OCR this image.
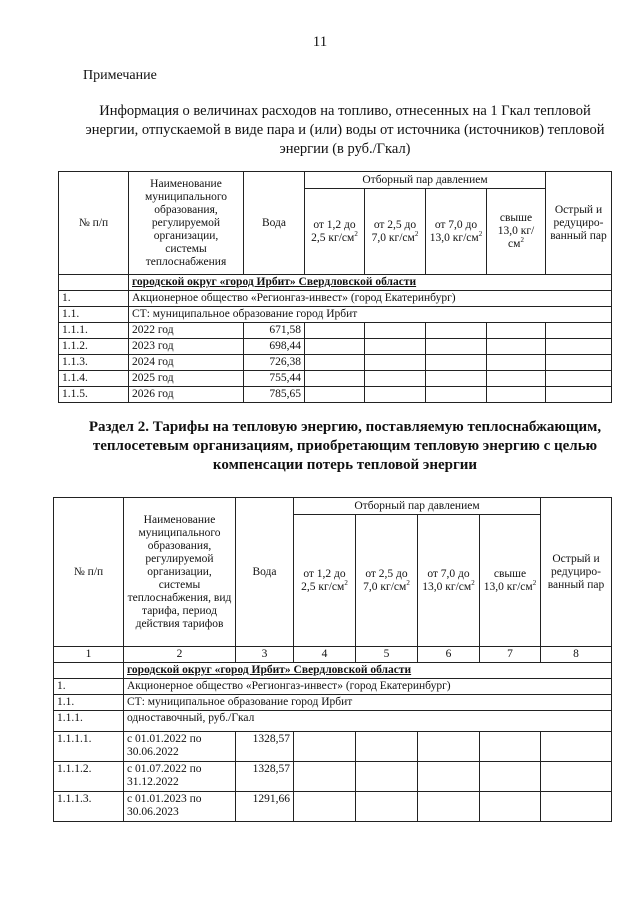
11
Примечание
Информация о величинах расходов на топливо, отнесенных на 1 Гкал тепловой энергии, отпускаемой в виде пара и (или) воды от источника (источников) тепловой энергии (в руб./Гкал)
№ п/п	Наименование муниципального образования, регулируемой организации, системы теплоснабжения	Вода	Отборный пар давлением				Острый и редуциро-ванный пар
			от 1,2 до 2,5 $кг/см^2$	от 2,5 до 7,0 $кг/см^2$	от 7,0 до 13,0 $кг/см^2$	свыше 13,0 $кг/см^2$
	городской округ «город Ирбит» Свердловской области						
1.	Акционерное общество «Регионгаз-инвест» (город Екатеринбург)						
1.1.	СТ: муниципальное образование город Ирбит						
1.1.1.	2022 год	671,58					
1.1.2.	2023 год	698,44					
1.1.3.	2024 год	726,38					
1.1.4.	2025 год	755,44					
1.1.5.	2026 год	785,65					
Раздел 2. Тарифы на тепловую энергию, поставляемую теплоснабжающим, теплосетевым организациям, приобретающим тепловую энергию с целью компенсации потерь тепловой энергии
№ п/п	Наименование муниципального образования, регулируемой организации, системы теплоснабжения, вид тарифа, период действия тарифов	Вода	Отборный пар давлением				Острый и редуциро-ванный пар
			от 1,2 до 2,5 $кг/см^2$	от 2,5 до 7,0 $кг/см^2$	от 7,0 до 13,0 $кг/см^2$	свыше 13,0 $кг/см^2$
1	2	3	4	5	6	7	8
	городской округ «город Ирбит» Свердловской области						
1.	Акционерное общество «Регионгаз-инвест» (город Екатеринбург)						
1.1.	СТ: муниципальное образование город Ирбит						
1.1.1.	одноставочный, руб./Гкал						
1.1.1.1.	с 01.01.2022 по
30.06.2022	1328,57					
1.1.1.2.	с 01.07.2022 по
31.12.2022	1328,57					
1.1.1.3.	с 01.01.2023 по
30.06.2023	1291,66					
